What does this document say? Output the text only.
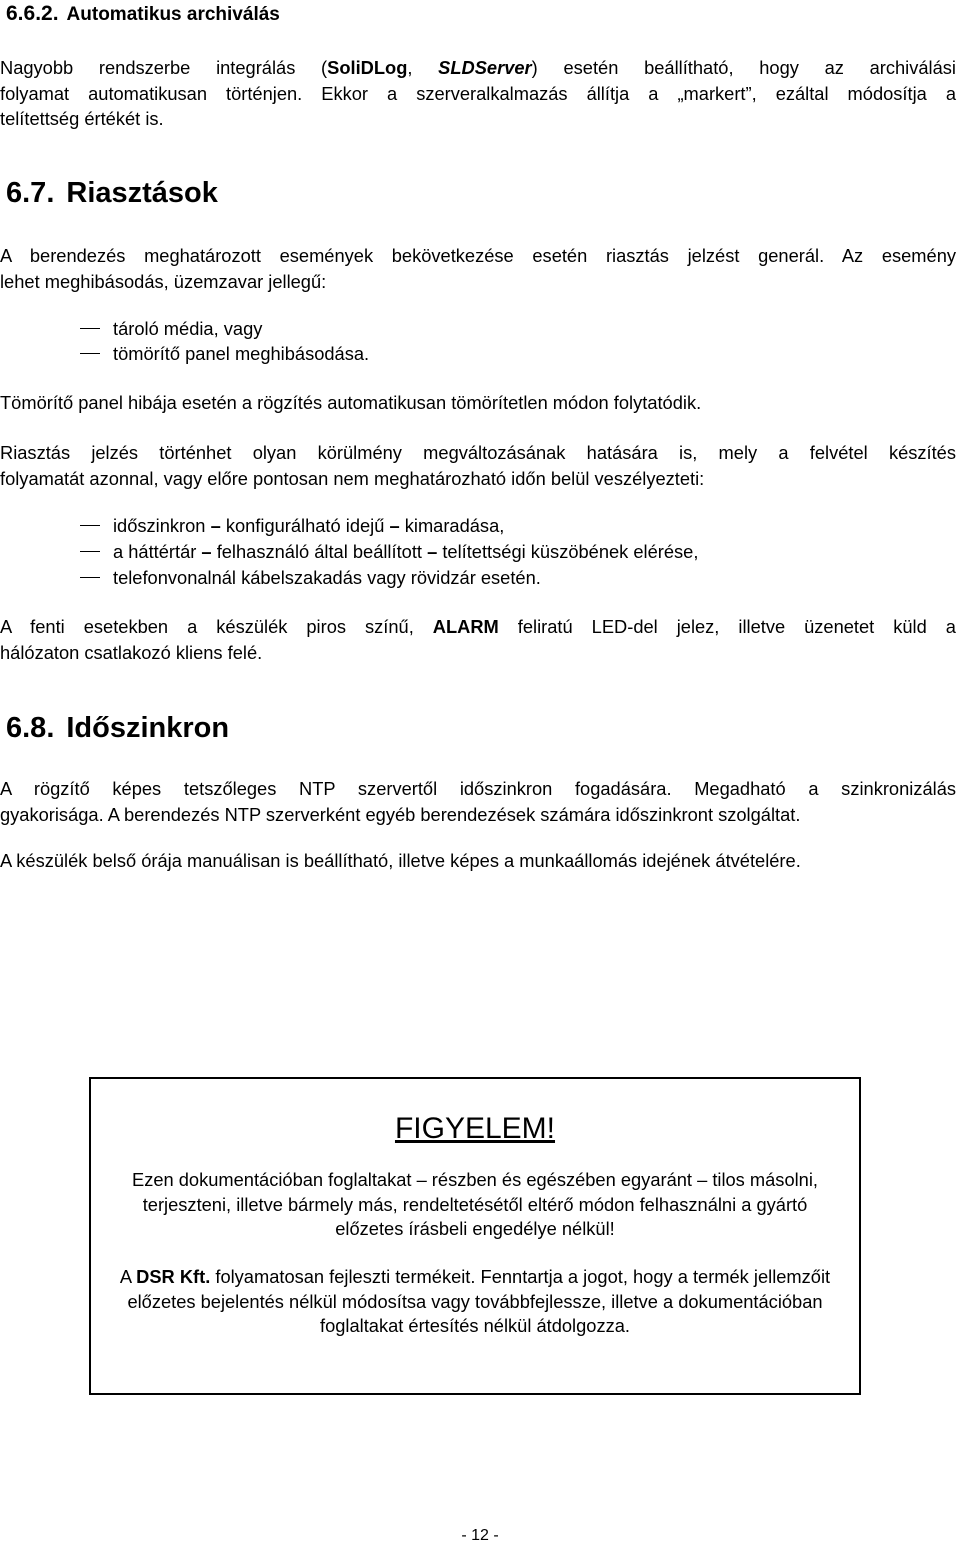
6.6.2. Automatikus archiválás
Nagyobb rendszerbe integrálás (SoliDLog, SLDServer) esetén beállítható, hogy az archiválási
folyamat automatikusan történjen. Ekkor a szerveralkalmazás állítja a „markert”, ezáltal módosítja a
telítettség értékét is.
6.7. Riasztások
A berendezés meghatározott események bekövetkezése esetén riasztás jelzést generál. Az esemény
lehet meghibásodás, üzemzavar jellegű:
tároló média, vagy
tömörítő panel meghibásodása.
Tömörítő panel hibája esetén a rögzítés automatikusan tömörítetlen módon folytatódik.
Riasztás jelzés történhet olyan körülmény megváltozásának hatására is, mely a felvétel készítés
folyamatát azonnal, vagy előre pontosan nem meghatározható időn belül veszélyezteti:
időszinkron – konfigurálható idejű – kimaradása,
a háttértár – felhasználó által beállított – telítettségi küszöbének elérése,
telefonvonalnál kábelszakadás vagy rövidzár esetén.
A fenti esetekben a készülék piros színű, ALARM feliratú LED-del jelez, illetve üzenetet küld a
hálózaton csatlakozó kliens felé.
6.8. Időszinkron
A rögzítő képes tetszőleges NTP szervertől időszinkron fogadására. Megadható a szinkronizálás
gyakorisága. A berendezés NTP szerverként egyéb berendezések számára időszinkront szolgáltat.
A készülék belső órája manuálisan is beállítható, illetve képes a munkaállomás idejének átvételére.
FIGYELEM!
Ezen dokumentációban foglaltakat – részben és egészében egyaránt – tilos másolni, terjeszteni, illetve bármely más, rendeltetésétől eltérő módon felhasználni a gyártó előzetes írásbeli engedélye nélkül!
A DSR Kft. folyamatosan fejleszti termékeit. Fenntartja a jogot, hogy a termék jellemzőit előzetes bejelentés nélkül módosítsa vagy továbbfejlessze, illetve a dokumentációban foglaltakat értesítés nélkül átdolgozza.
- 12 -
